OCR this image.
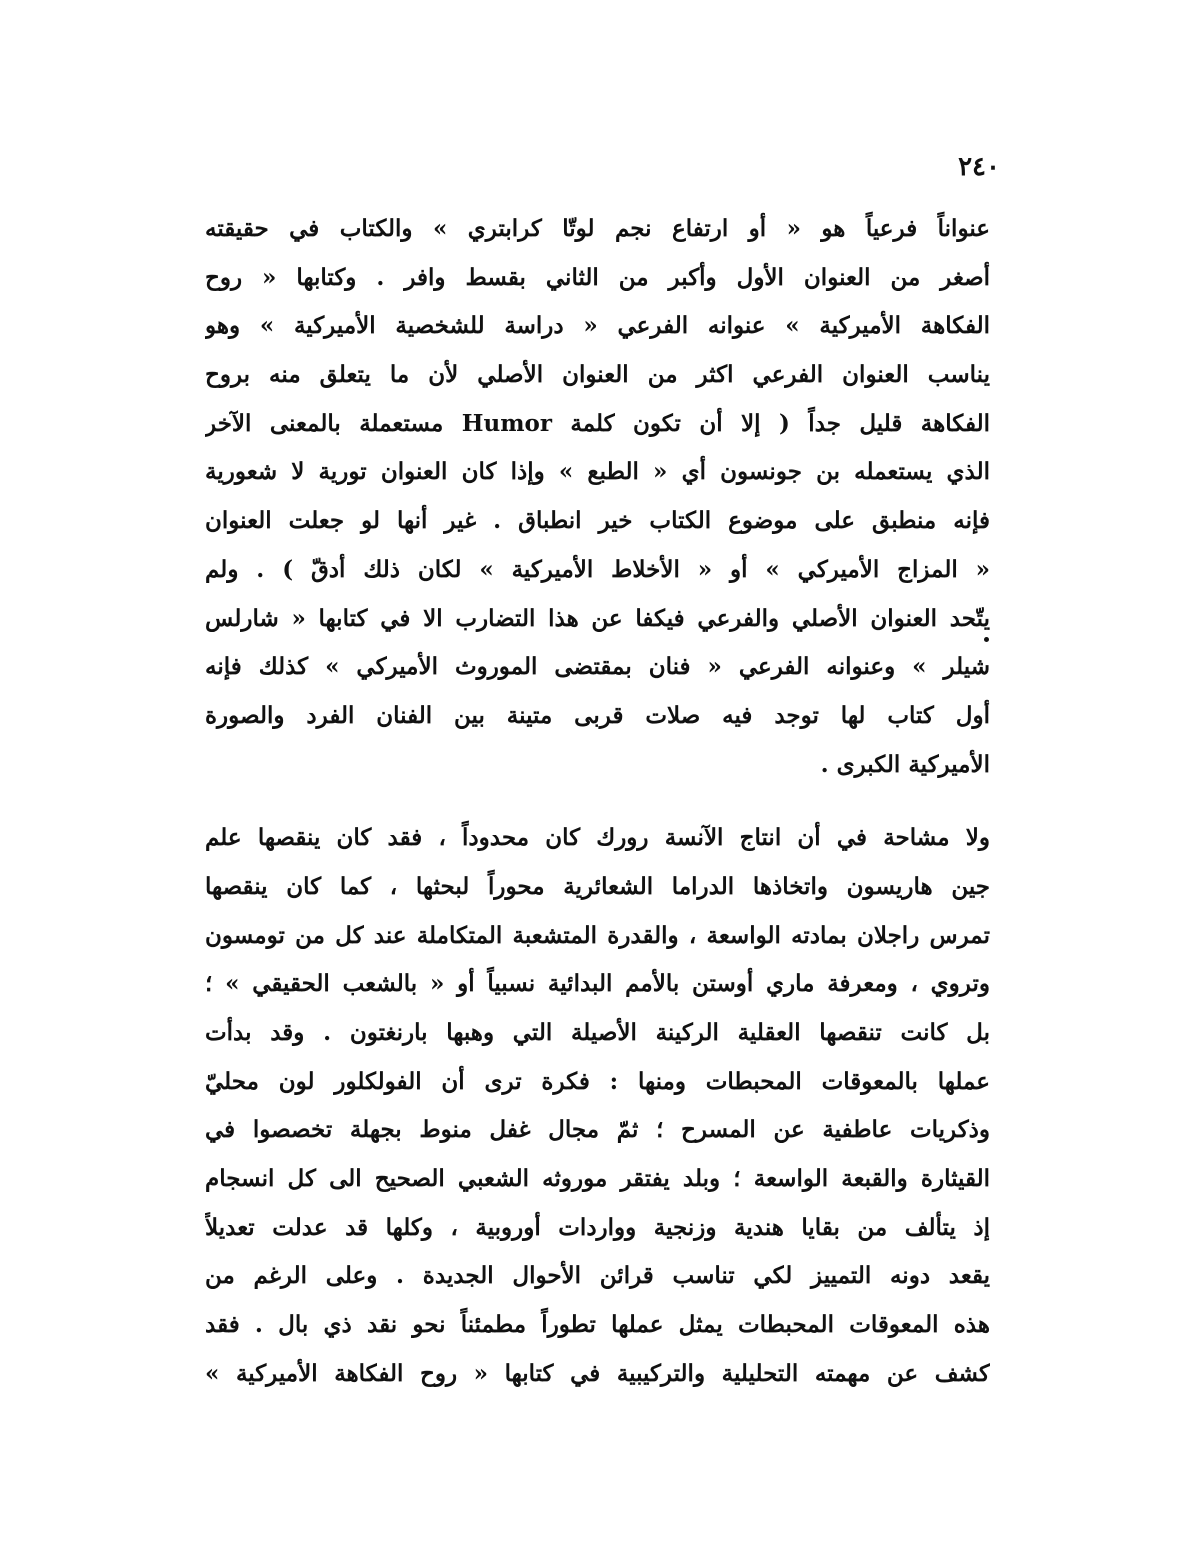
٢٤٠
عنواناً فرعياً هو « أو ارتفاع نجم لوتّا كرابتري » والكتاب في حقيقته
أصغر من العنوان الأول وأكبر من الثاني بقسط وافر . وكتابها « روح
الفكاهة الأميركية » عنوانه الفرعي « دراسة للشخصية الأميركية » وهو
يناسب العنوان الفرعي اكثر من العنوان الأصلي لأن ما يتعلق منه بروح
الفكاهة قليل جداً ( إلا أن تكون كلمة Humor مستعملة بالمعنى الآخر
الذي يستعمله بن جونسون أي « الطبع » وإذا كان العنوان تورية لا شعورية
فإنه منطبق على موضوع الكتاب خير انطباق . غير أنها لو جعلت العنوان
« المزاج الأميركي » أو « الأخلاط الأميركية » لكان ذلك أدقّ ) . ولم
يتّحد العنوان الأصلي والفرعي فيكفا عن هذا التضارب الا في كتابها « شارلس
شيلر » وعنوانه الفرعي « فنان بمقتضى الموروث الأميركي » كذلك فإنه
أول كتاب لها توجد فيه صلات قربى متينة بين الفنان الفرد والصورة
الأميركية الكبرى .
ولا مشاحة في أن انتاج الآنسة رورك كان محدوداً ، فقد كان ينقصها علم
جين هاريسون واتخاذها الدراما الشعائرية محوراً لبحثها ، كما كان ينقصها
تمرس راجلان بمادته الواسعة ، والقدرة المتشعبة المتكاملة عند كل من تومسون
وتروي ، ومعرفة ماري أوستن بالأمم البدائية نسبياً أو « بالشعب الحقيقي » ؛
بل كانت تنقصها العقلية الركينة الأصيلة التي وهبها بارنغتون . وقد بدأت
عملها بالمعوقات المحبطات ومنها : فكرة ترى أن الفولكلور لون محليّ
وذكريات عاطفية عن المسرح ؛ ثمّ مجال غفل منوط بجهلة تخصصوا في
القيثارة والقبعة الواسعة ؛ وبلد يفتقر موروثه الشعبي الصحيح الى كل انسجام
إذ يتألف من بقايا هندية وزنجية وواردات أوروبية ، وكلها قد عدلت تعديلاً
يقعد دونه التمييز لكي تناسب قرائن الأحوال الجديدة . وعلى الرغم من
هذه المعوقات المحبطات يمثل عملها تطوراً مطمئناً نحو نقد ذي بال . فقد
كشف عن مهمته التحليلية والتركيبية في كتابها « روح الفكاهة الأميركية »
